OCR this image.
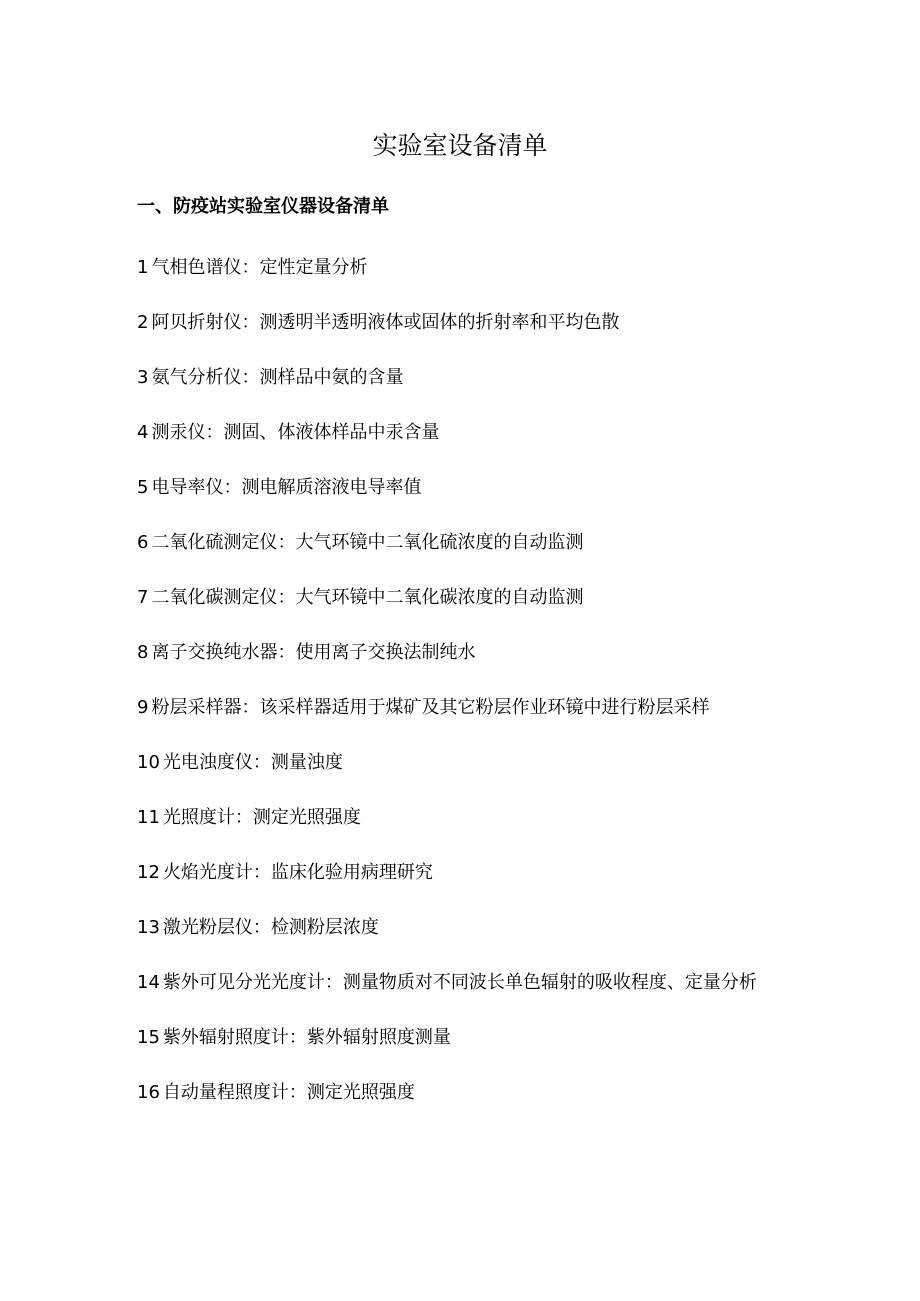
实验室设备清单
一、防疫站实验室仪器设备清单
1 气相色谱仪：定性定量分析
2 阿贝折射仪：测透明半透明液体或固体的折射率和平均色散
3 氨气分析仪：测样品中氨的含量
4 测汞仪：测固、体液体样品中汞含量
5 电导率仪：测电解质溶液电导率值
6 二氧化硫测定仪：大气环镜中二氧化硫浓度的自动监测
7 二氧化碳测定仪：大气环镜中二氧化碳浓度的自动监测
8 离子交换纯水器：使用离子交换法制纯水
9 粉层采样器：该采样器适用于煤矿及其它粉层作业环镜中进行粉层采样
10 光电浊度仪：测量浊度
11 光照度计：测定光照强度
12 火焰光度计：监床化验用病理研究
13 激光粉层仪：检测粉层浓度
14 紫外可见分光光度计：测量物质对不同波长单色辐射的吸收程度、定量分析
15 紫外辐射照度计：紫外辐射照度测量
16 自动量程照度计：测定光照强度
